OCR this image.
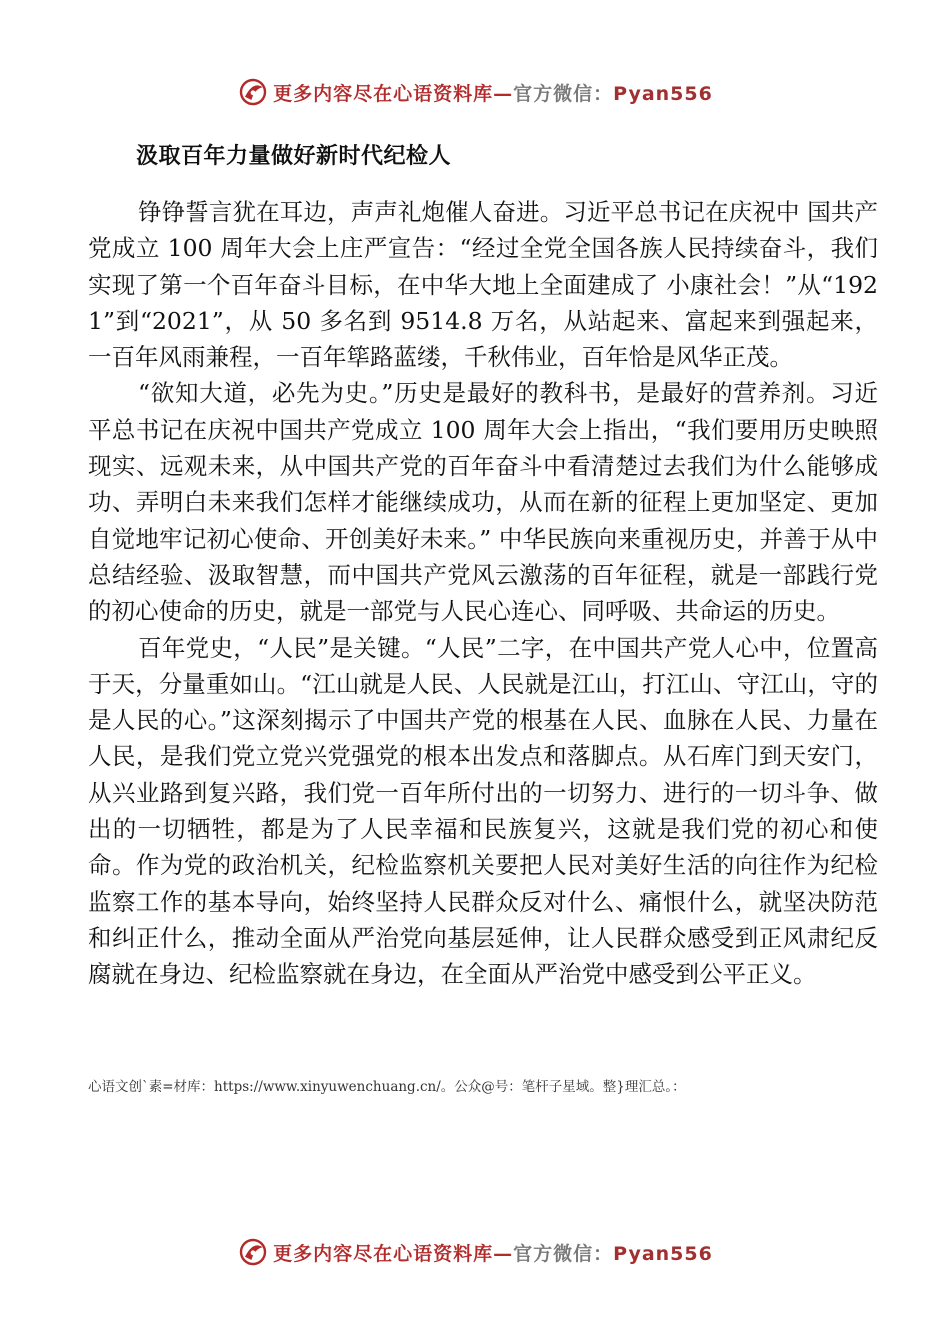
更多内容尽在心语资料库—官方微信：Pyan556
汲取百年力量做好新时代纪检人

铮铮誓言犹在耳边，声声礼炮催人奋进。习近平总书记在庆祝中 国共产党成立 100 周年大会上庄严宣告：“经过全党全国各族人民持续奋斗，我们实现了第一个百年奋斗目标，在中华大地上全面建成了 小康社会！”从“1921”到“2021”，从 50 多名到 9514.8 万名，从站起来、富起来到强起来，一百年风雨兼程，一百年筚路蓝缕，千秋伟业，百年恰是风华正茂。

“欲知大道，必先为史。”历史是最好的教科书，是最好的营养剂。习近平总书记在庆祝中国共产党成立 100 周年大会上指出，“我们要用历史映照现实、远观未来，从中国共产党的百年奋斗中看清楚过去我们为什么能够成功、弄明白未来我们怎样才能继续成功，从而在新的征程上更加坚定、更加自觉地牢记初心使命、开创美好未来。” 中华民族向来重视历史，并善于从中总结经验、汲取智慧，而中国共产党风云激荡的百年征程，就是一部践行党的初心使命的历史，就是一部党与人民心连心、同呼吸、共命运的历史。

百年党史，“人民”是关键。“人民”二字，在中国共产党人心中，位置高于天，分量重如山。“江山就是人民、人民就是江山，打江山、守江山，守的是人民的心。”这深刻揭示了中国共产党的根基在人民、血脉在人民、力量在人民，是我们党立党兴党强党的根本出发点和落脚点。从石库门到天安门，从兴业路到复兴路，我们党一百年所付出的一切努力、进行的一切斗争、做出的一切牺牲，都是为了人民幸福和民族复兴，这就是我们党的初心和使命。作为党的政治机关，纪检监察机关要把人民对美好生活的向往作为纪检监察工作的基本导向，始终坚持人民群众反对什么、痛恨什么，就坚决防范和纠正什么，推动全面从严治党向基层延伸，让人民群众感受到正风肃纪反腐就在身边、纪检监察就在身边，在全面从严治党中感受到公平正义。

心语文创`素=材库：https://www.xinyuwenchuang.cn/。公众@号：笔杆子星域。整}理汇总。：
更多内容尽在心语资料库—官方微信：Pyan556
